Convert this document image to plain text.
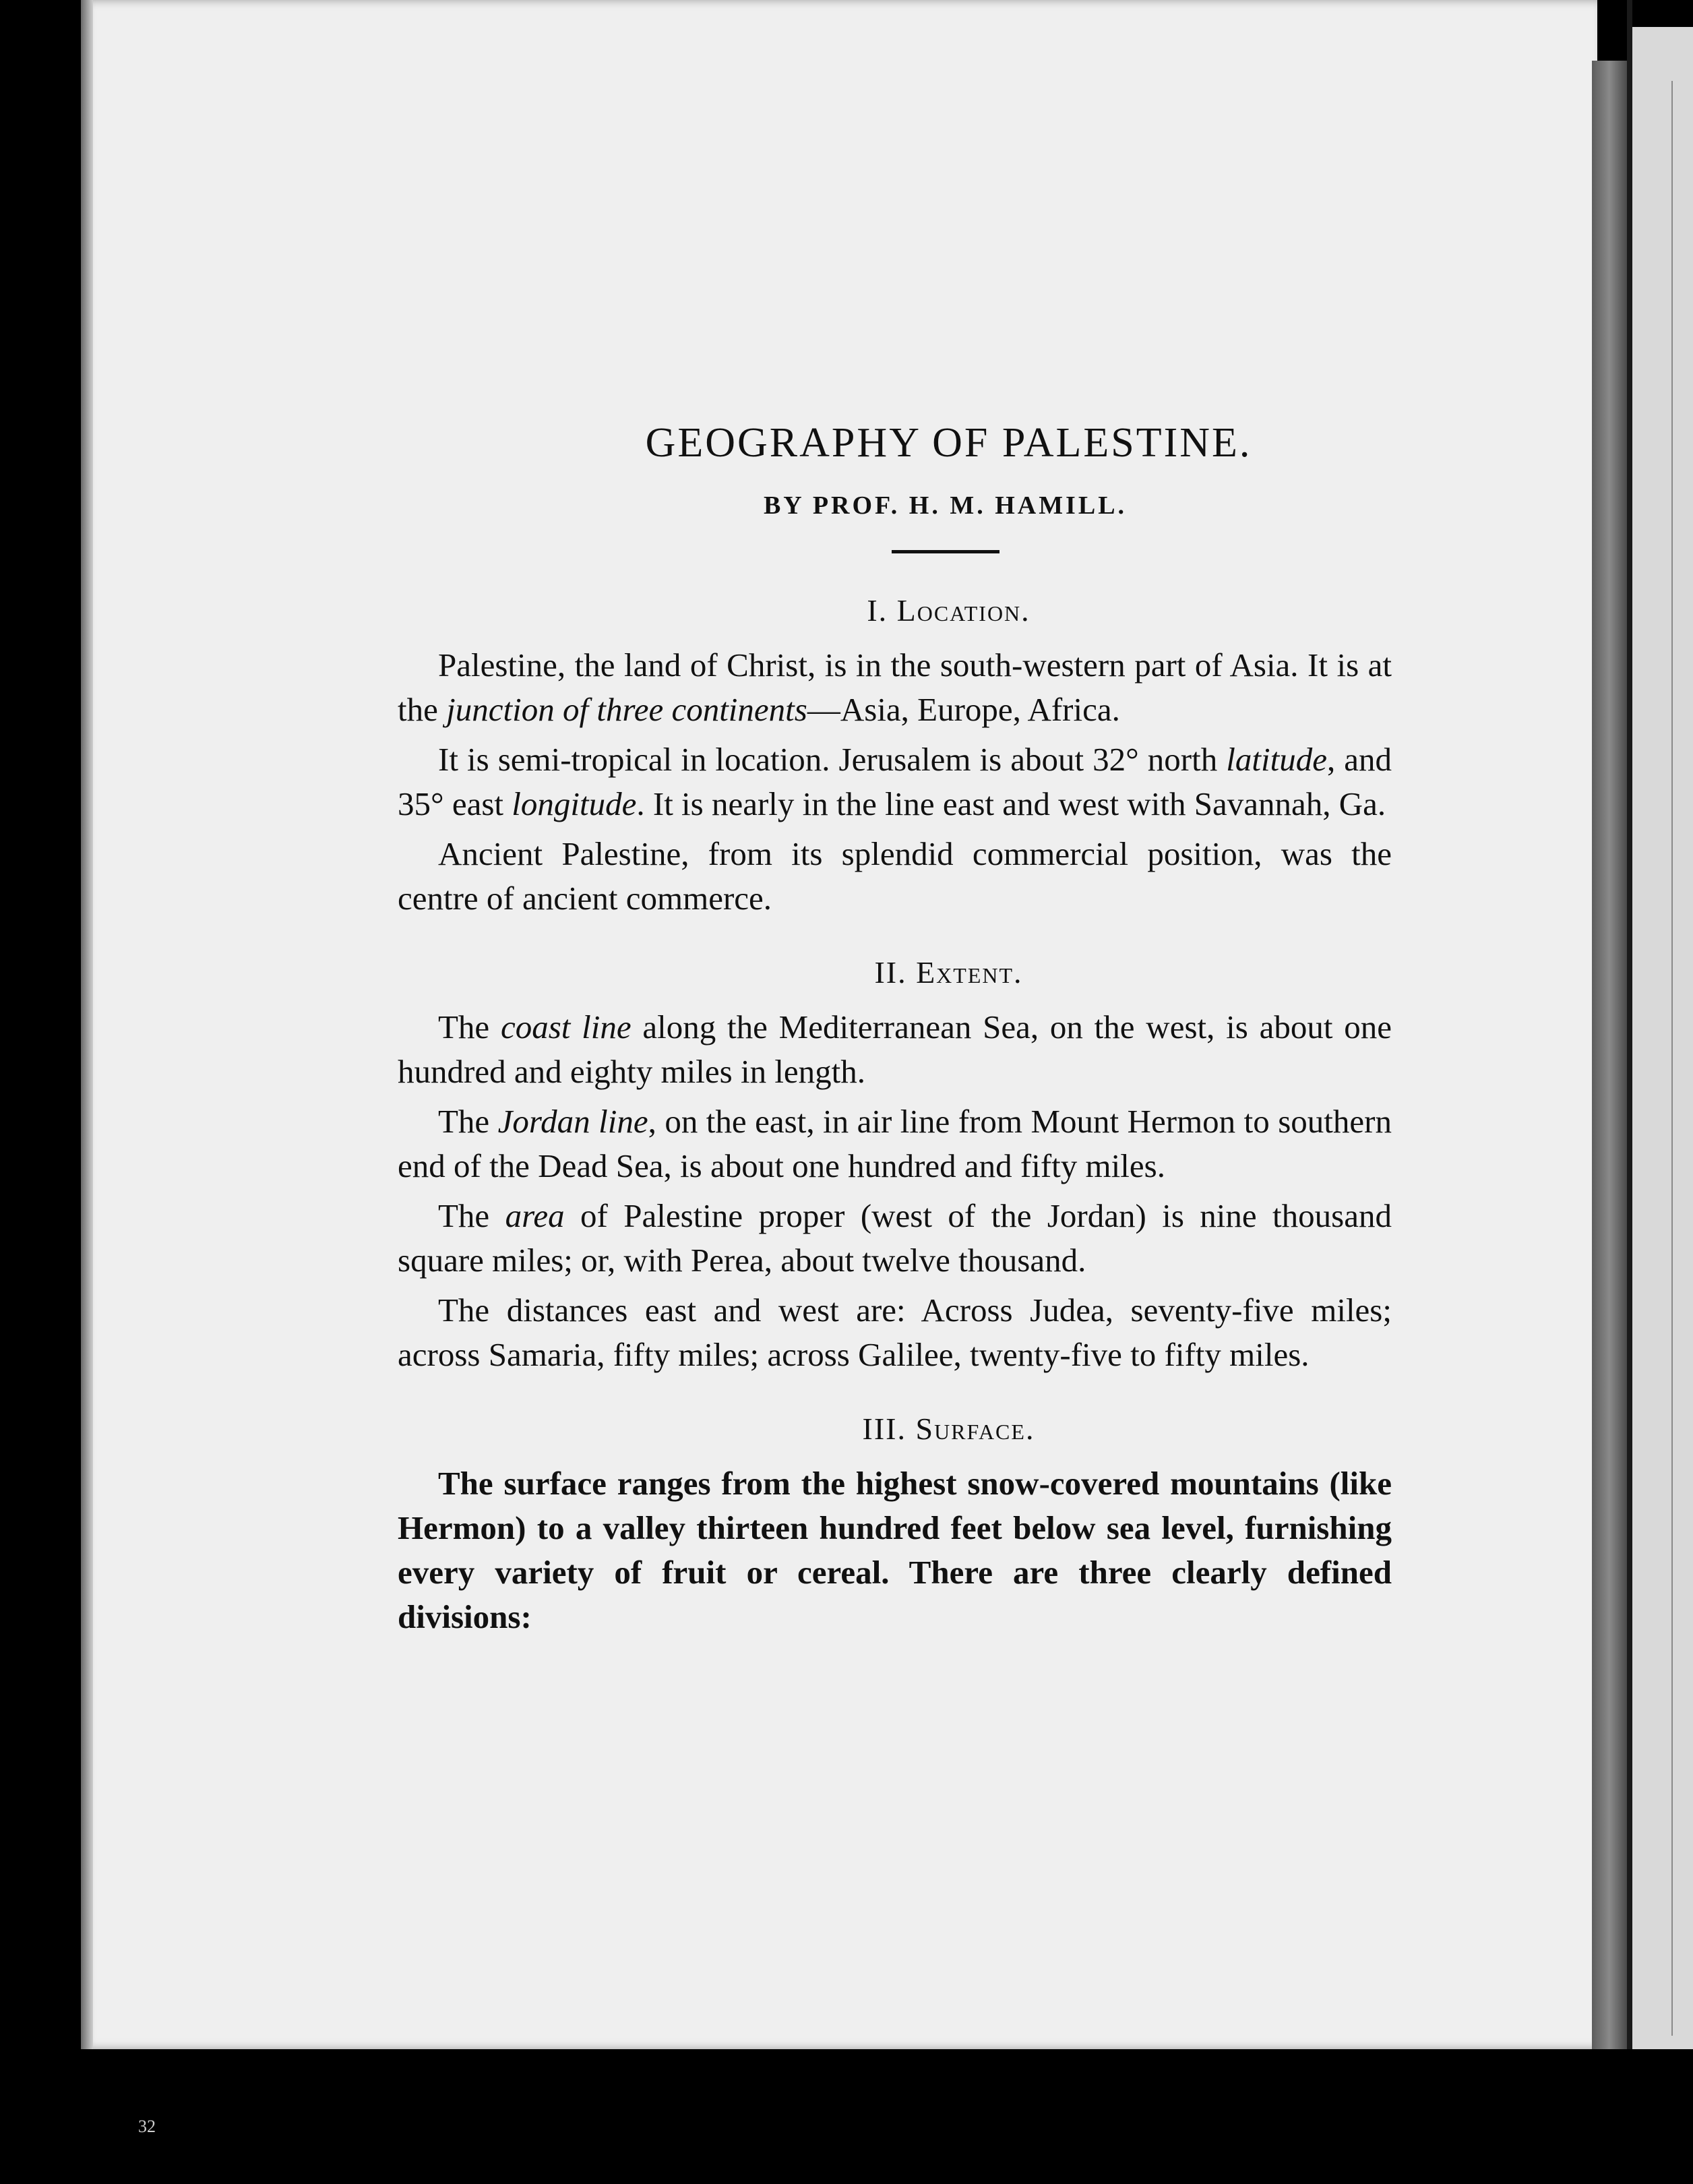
GEOGRAPHY OF PALESTINE.

BY PROF. H. M. HAMILL.

I. Location.

Palestine, the land of Christ, is in the south-western part of Asia. It is at the junction of three continents—Asia, Europe, Africa.

It is semi-tropical in location. Jerusalem is about 32° north latitude, and 35° east longitude. It is nearly in the line east and west with Savannah, Ga.

Ancient Palestine, from its splendid commercial position, was the centre of ancient commerce.

II. Extent.

The coast line along the Mediterranean Sea, on the west, is about one hundred and eighty miles in length.

The Jordan line, on the east, in air line from Mount Hermon to southern end of the Dead Sea, is about one hundred and fifty miles.

The area of Palestine proper (west of the Jordan) is nine thousand square miles; or, with Perea, about twelve thousand.

The distances east and west are: Across Judea, seventy-five miles; across Samaria, fifty miles; across Galilee, twenty-five to fifty miles.

III. Surface.

The surface ranges from the highest snow-covered mountains (like Hermon) to a valley thirteen hundred feet below sea level, furnishing every variety of fruit or cereal. There are three clearly defined divisions:

32
